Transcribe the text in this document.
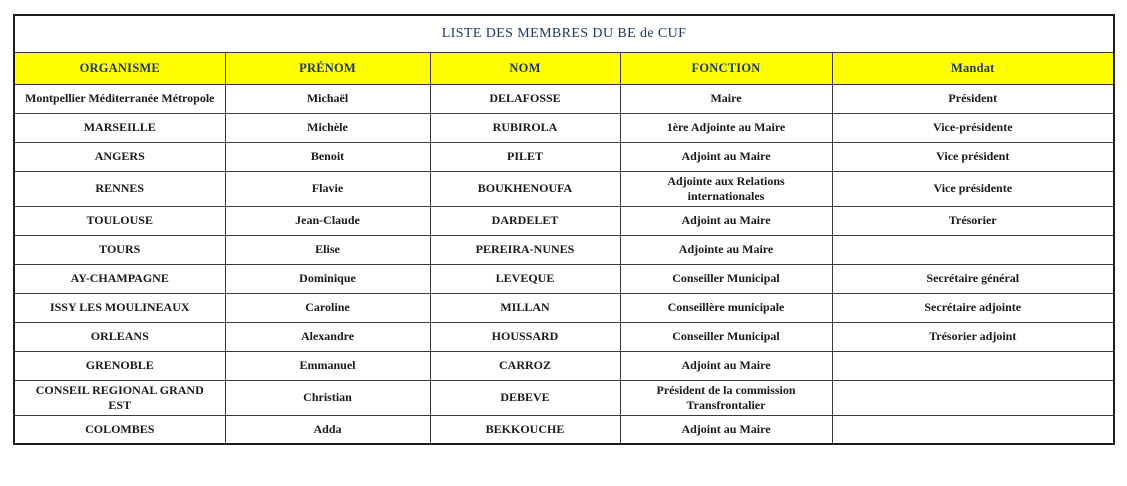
LISTE DES MEMBRES DU BE de CUF				
ORGANISME	PRÉNOM	NOM	FONCTION	Mandat
Montpellier Méditerranée Métropole	Michaël	DELAFOSSE	Maire	Président
MARSEILLE	Michèle	RUBIROLA	1ère Adjointe au Maire	Vice-présidente
ANGERS	Benoit	PILET	Adjoint au Maire	Vice président
RENNES	Flavie	BOUKHENOUFA	Adjointe aux Relations internationales	Vice présidente
TOULOUSE	Jean-Claude	DARDELET	Adjoint au Maire	Trésorier
TOURS	Elise	PEREIRA-NUNES	Adjointe au Maire	
AY-CHAMPAGNE	Dominique	LEVEQUE	Conseiller Municipal	Secrétaire général
ISSY LES MOULINEAUX	Caroline	MILLAN	Conseillère municipale	Secrétaire adjointe
ORLEANS	Alexandre	HOUSSARD	Conseiller Municipal	Trésorier adjoint
GRENOBLE	Emmanuel	CARROZ	Adjoint au Maire	
CONSEIL REGIONAL GRAND EST	Christian	DEBEVE	Président de la commission Transfrontalier	
COLOMBES	Adda	BEKKOUCHE	Adjoint au Maire	
